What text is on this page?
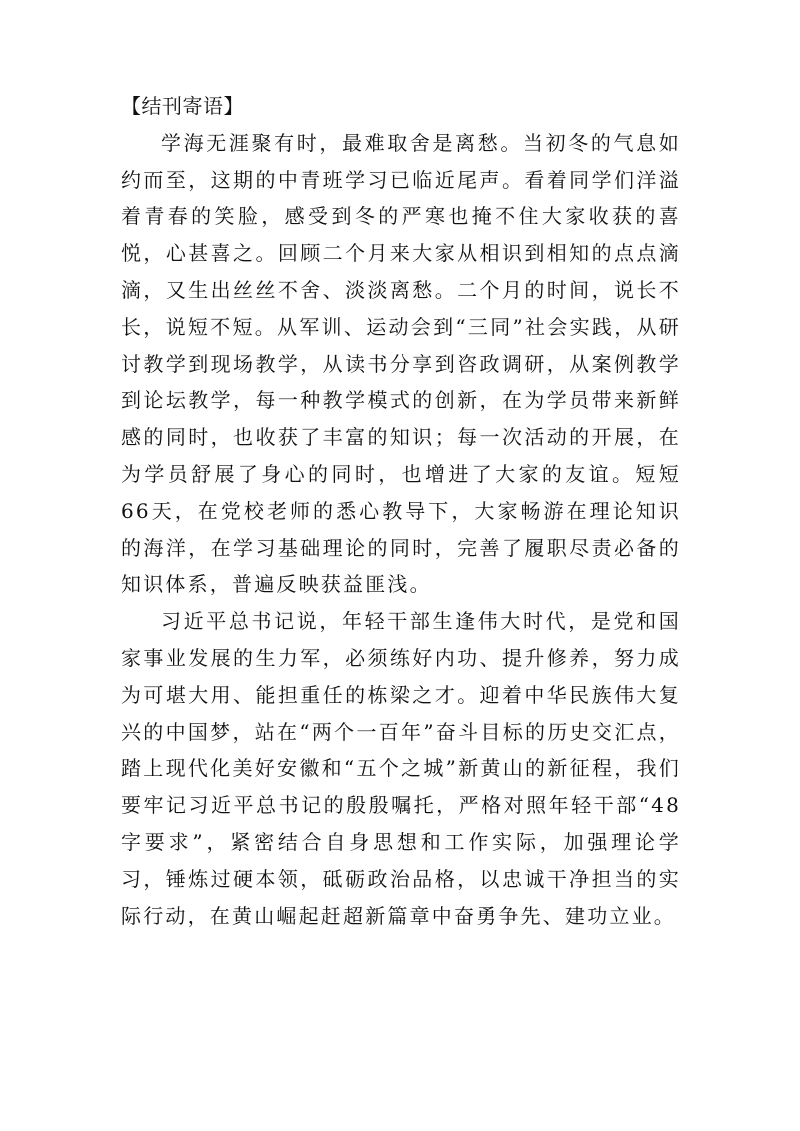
【结刊寄语】

学海无涯聚有时，最难取舍是离愁。当初冬的气息如约而至，这期的中青班学习已临近尾声。看着同学们洋溢着青春的笑脸，感受到冬的严寒也掩不住大家收获的喜悦，心甚喜之。回顾二个月来大家从相识到相知的点点滴滴，又生出丝丝不舍、淡淡离愁。二个月的时间，说长不长，说短不短。从军训、运动会到“三同”社会实践，从研讨教学到现场教学，从读书分享到咨政调研，从案例教学到论坛教学，每一种教学模式的创新，在为学员带来新鲜感的同时，也收获了丰富的知识；每一次活动的开展，在为学员舒展了身心的同时，也增进了大家的友谊。短短66天，在党校老师的悉心教导下，大家畅游在理论知识的海洋，在学习基础理论的同时，完善了履职尽责必备的知识体系，普遍反映获益匪浅。

习近平总书记说，年轻干部生逢伟大时代，是党和国家事业发展的生力军，必须练好内功、提升修养，努力成为可堪大用、能担重任的栋梁之才。迎着中华民族伟大复兴的中国梦，站在“两个一百年”奋斗目标的历史交汇点，踏上现代化美好安徽和“五个之城”新黄山的新征程，我们要牢记习近平总书记的殷殷嘱托，严格对照年轻干部“48字要求”，紧密结合自身思想和工作实际，加强理论学习，锤炼过硬本领，砥砺政治品格，以忠诚干净担当的实际行动，在黄山崛起赶超新篇章中奋勇争先、建功立业。
